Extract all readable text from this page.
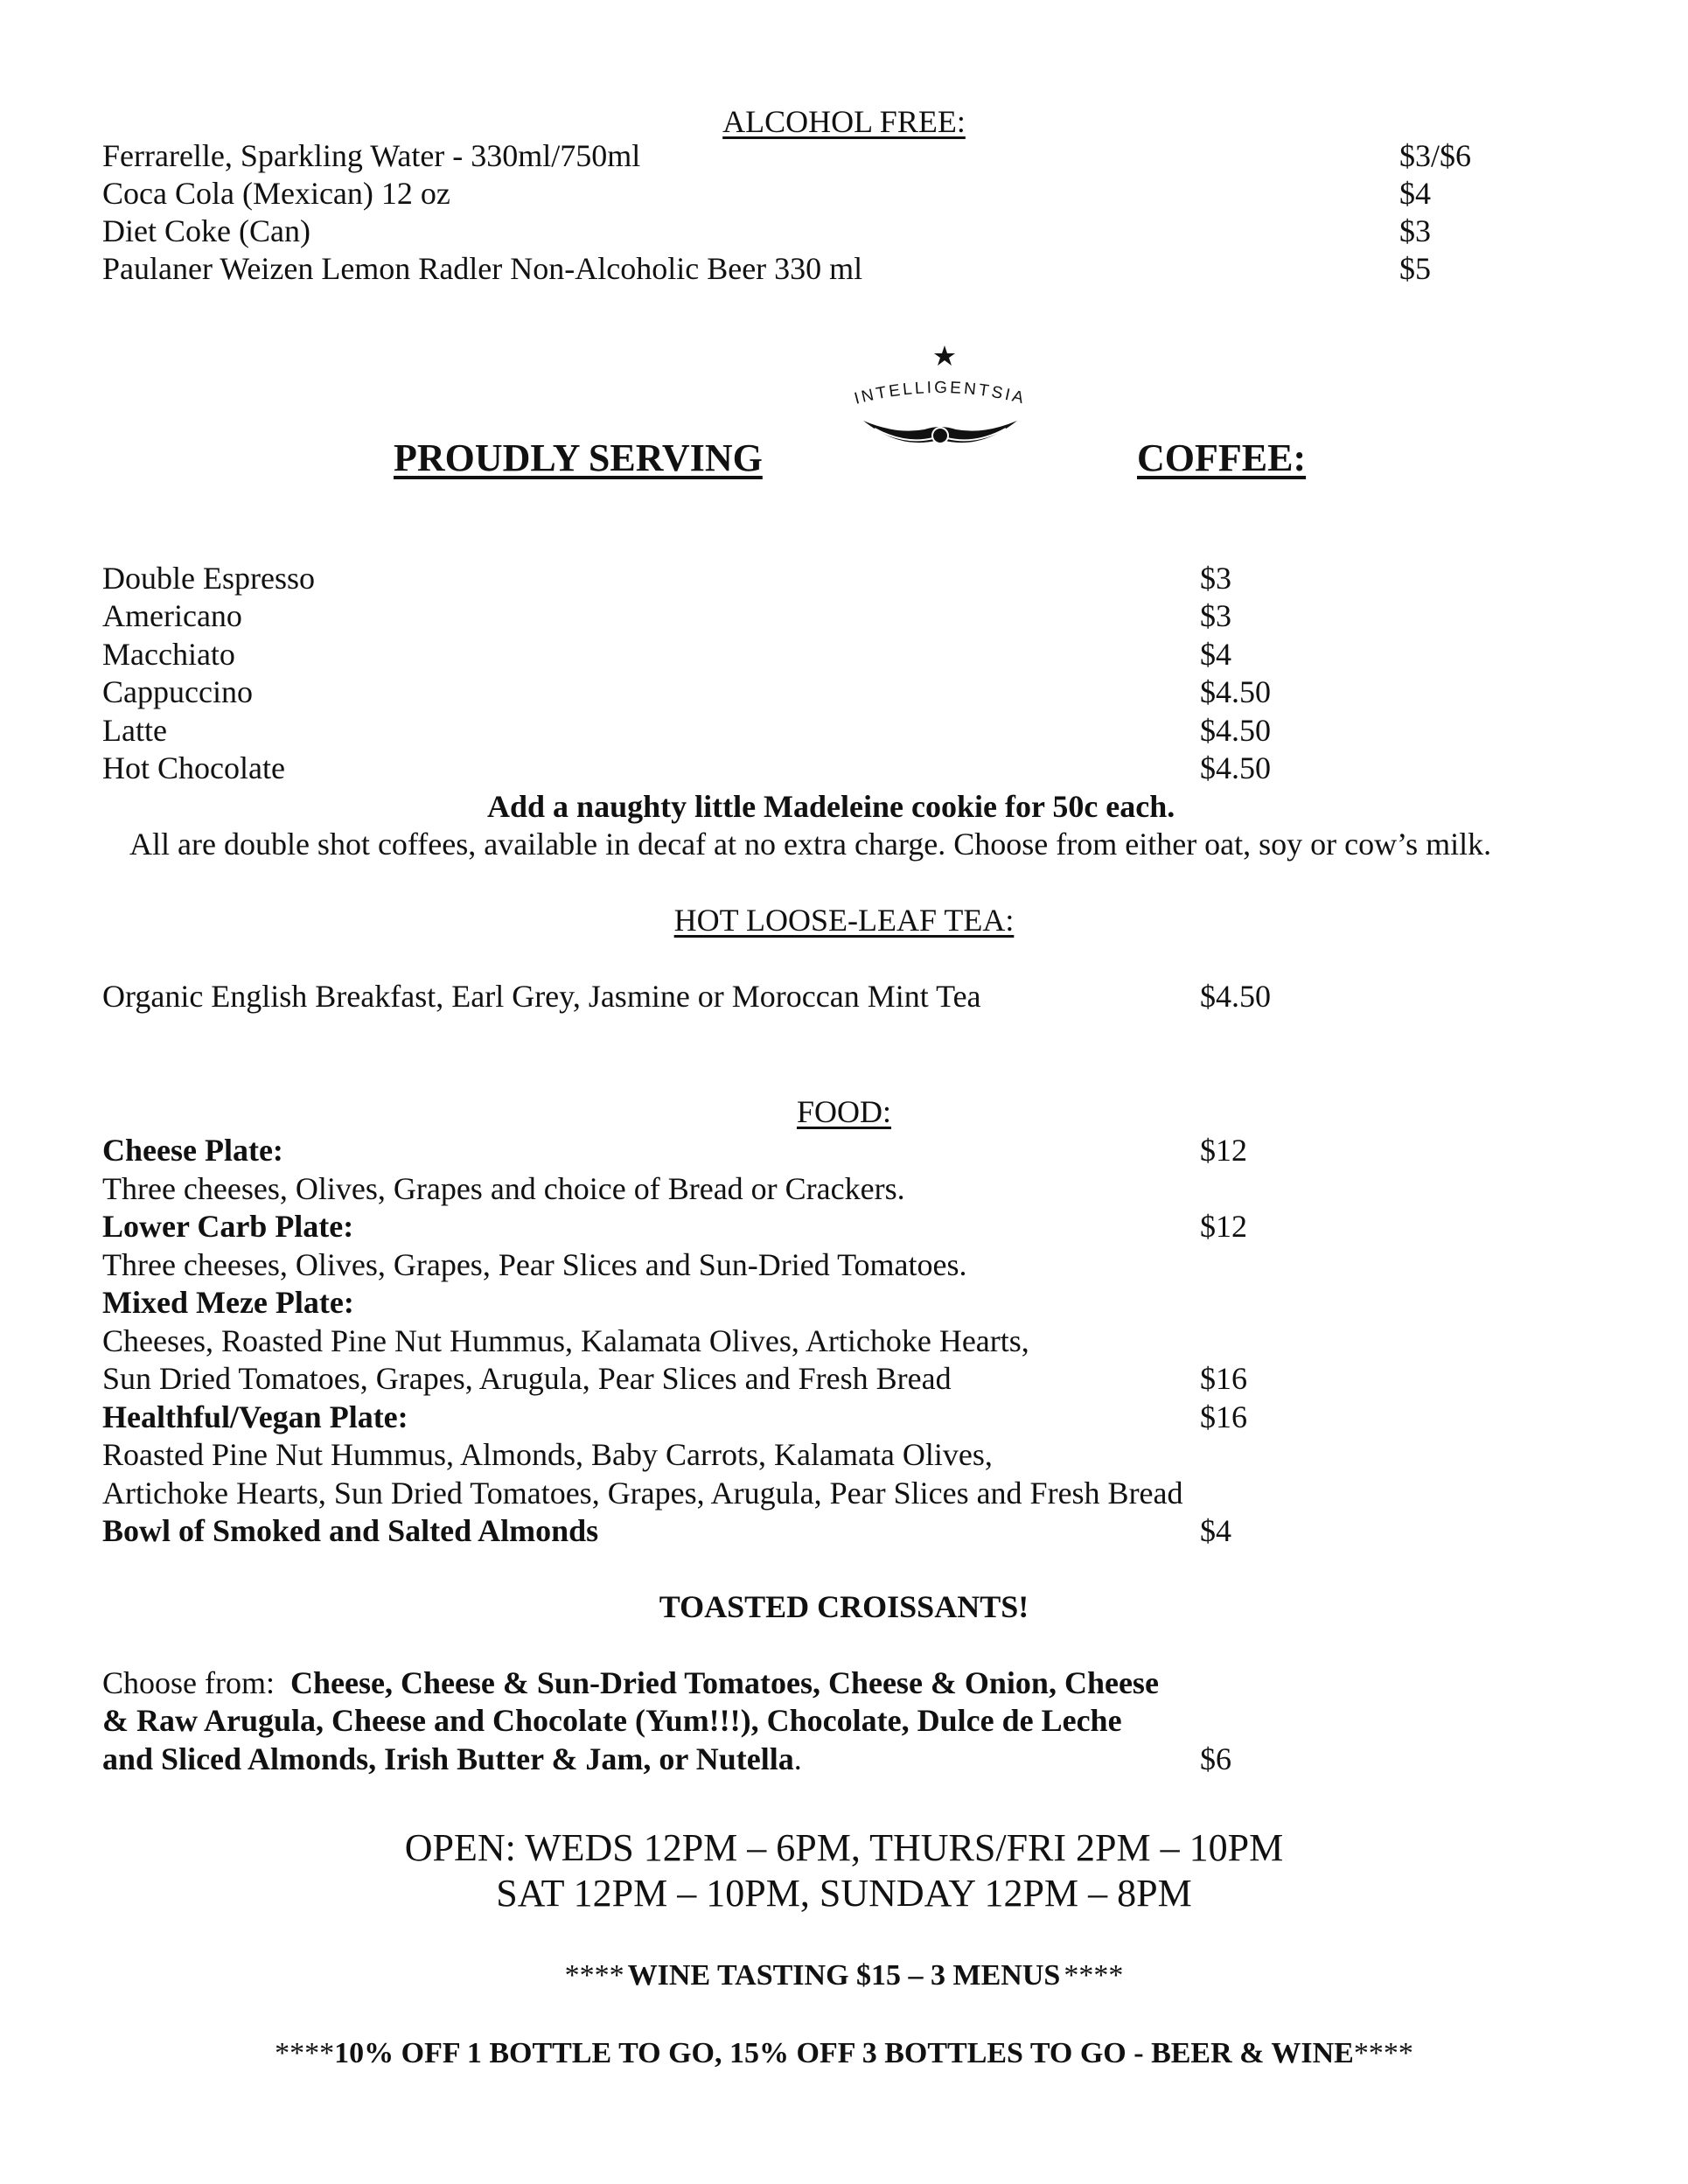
ALCOHOL FREE:
Ferrarelle, Sparkling Water - 330ml/750ml	$3/$6
Coca Cola (Mexican) 12 oz	$4
Diet Coke (Can)	$3
Paulaner Weizen Lemon Radler Non-Alcoholic Beer 330 ml	$5
INTELLIGENTSIA
PROUDLY SERVING	COFFEE:
Double Espresso	$3
Americano	$3
Macchiato	$4
Cappuccino	$4.50
Latte	$4.50
Hot Chocolate	$4.50
Add a naughty little Madeleine cookie for 50c each.
All are double shot coffees, available in decaf at no extra charge. Choose from either oat, soy or cow’s milk.
HOT LOOSE-LEAF TEA:
Organic English Breakfast, Earl Grey, Jasmine or Moroccan Mint Tea	$4.50
FOOD:
Cheese Plate:	$12
Three cheeses, Olives, Grapes and choice of Bread or Crackers.
Lower Carb Plate:	$12
Three cheeses, Olives, Grapes, Pear Slices and Sun-Dried Tomatoes.
Mixed Meze Plate:
Cheeses, Roasted Pine Nut Hummus, Kalamata Olives, Artichoke Hearts,
Sun Dried Tomatoes, Grapes, Arugula, Pear Slices and Fresh Bread	$16
Healthful/Vegan Plate:	$16
Roasted Pine Nut Hummus, Almonds, Baby Carrots, Kalamata Olives,
Artichoke Hearts, Sun Dried Tomatoes, Grapes, Arugula, Pear Slices and Fresh Bread
Bowl of Smoked and Salted Almonds	$4
TOASTED CROISSANTS!
Choose from: Cheese, Cheese & Sun-Dried Tomatoes, Cheese & Onion, Cheese
& Raw Arugula, Cheese and Chocolate (Yum!!!), Chocolate, Dulce de Leche
and Sliced Almonds, Irish Butter & Jam, or Nutella.	$6
OPEN: WEDS 12PM – 6PM, THURS/FRI 2PM – 10PM
SAT 12PM – 10PM, SUNDAY 12PM – 8PM
**** WINE TASTING $15 – 3 MENUS ****
****10% OFF 1 BOTTLE TO GO, 15% OFF 3 BOTTLES TO GO - BEER & WINE****
